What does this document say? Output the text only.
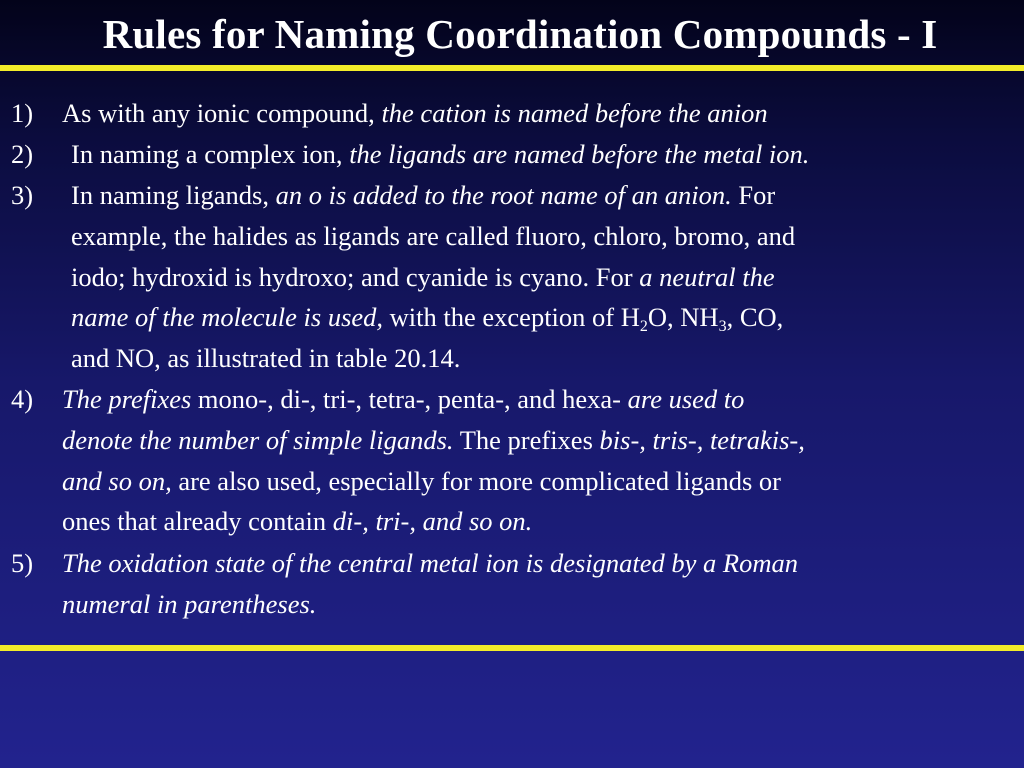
Rules for Naming Coordination Compounds - I
1) As with any ionic compound, the cation is named before the anion
2) In naming a complex ion, the ligands are named before the metal ion.
3) In naming ligands, an o is added to the root name of an anion. For
example, the halides as ligands are called fluoro, chloro, bromo, and
iodo; hydroxid is hydroxo; and cyanide is cyano. For a neutral the
name of the molecule is used, with the exception of $H_2O$, $NH_3$, CO,
and NO, as illustrated in table 20.14.
4) The prefixes mono-, di-, tri-, tetra-, penta-, and hexa- are used to
denote the number of simple ligands. The prefixes bis-, tris-, tetrakis-,
and so on, are also used, especially for more complicated ligands or
ones that already contain di-, tri-, and so on.
5) The oxidation state of the central metal ion is designated by a Roman
numeral in parentheses.
